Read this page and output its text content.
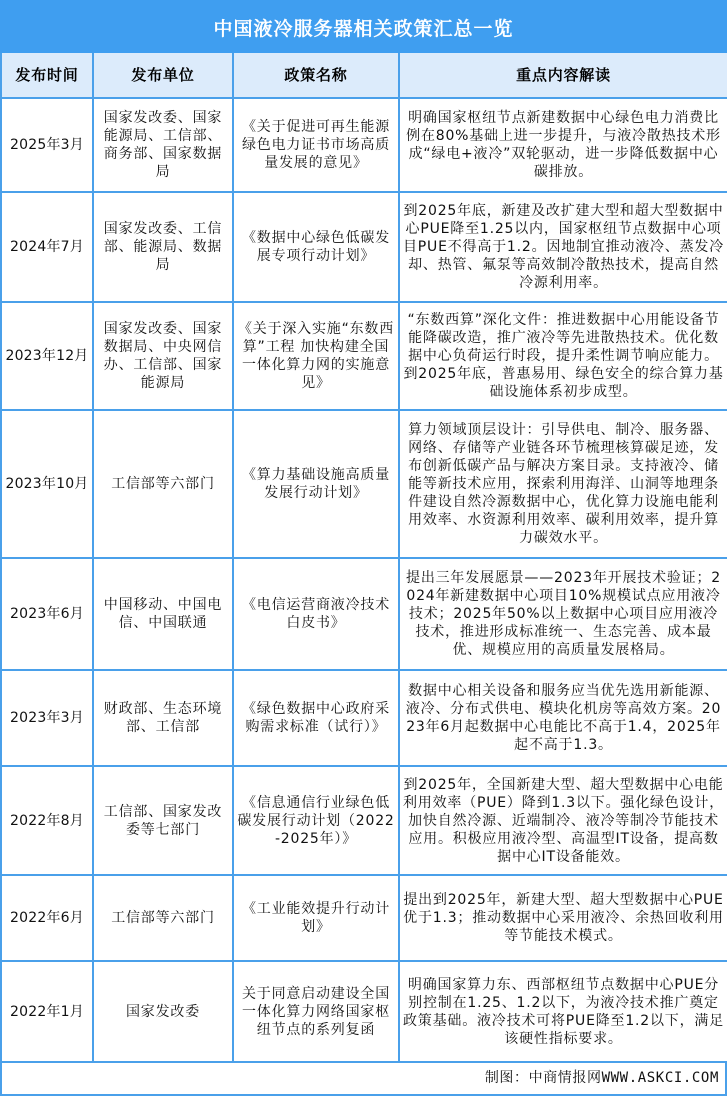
中国液冷服务器相关政策汇总一览
发布时间	发布单位	政策名称	重点内容解读
2025年3月	国家发改委、国家能源局、工信部、商务部、国家数据局	《关于促进可再生能源绿色电力证书市场高质量发展的意见》	明确国家枢纽节点新建数据中心绿色电力消费比例在80%基础上进一步提升，与液冷散热技术形成“绿电+液冷”双轮驱动，进一步降低数据中心碳排放。
2024年7月	国家发改委、工信部、能源局、数据局	《数据中心绿色低碳发展专项行动计划》	到2025年底，新建及改扩建大型和超大型数据中心PUE降至1.25以内，国家枢纽节点数据中心项目PUE不得高于1.2。因地制宜推动液冷、蒸发冷却、热管、氟泵等高效制冷散热技术，提高自然冷源利用率。
2023年12月	国家发改委、国家数据局、中央网信办、工信部、国家能源局	《关于深入实施“东数西算”工程 加快构建全国一体化算力网的实施意见》	“东数西算”深化文件：推进数据中心用能设备节能降碳改造，推广液冷等先进散热技术。优化数据中心负荷运行时段，提升柔性调节响应能力。到2025年底，普惠易用、绿色安全的综合算力基础设施体系初步成型。
2023年10月	工信部等六部门	《算力基础设施高质量发展行动计划》	算力领域顶层设计：引导供电、制冷、服务器、网络、存储等产业链各环节梳理核算碳足迹，发布创新低碳产品与解决方案目录。支持液冷、储能等新技术应用，探索利用海洋、山洞等地理条件建设自然冷源数据中心，优化算力设施电能利用效率、水资源利用效率、碳利用效率，提升算力碳效水平。
2023年6月	中国移动、中国电信、中国联通	《电信运营商液冷技术白皮书》	提出三年发展愿景——2023年开展技术验证；2024年新建数据中心项目10%规模试点应用液冷技术；2025年50%以上数据中心项目应用液冷技术，推进形成标准统一、生态完善、成本最优、规模应用的高质量发展格局。
2023年3月	财政部、生态环境部、工信部	《绿色数据中心政府采购需求标准（试行）》	数据中心相关设备和服务应当优先选用新能源、液冷、分布式供电、模块化机房等高效方案。2023年6月起数据中心电能比不高于1.4，2025年起不高于1.3。
2022年8月	工信部、国家发改委等七部门	《信息通信行业绿色低碳发展行动计划（2022-2025年）》	到2025年，全国新建大型、超大型数据中心电能利用效率（PUE）降到1.3以下。强化绿色设计，加快自然冷源、近端制冷、液冷等制冷节能技术应用。积极应用液冷型、高温型IT设备，提高数据中心IT设备能效。
2022年6月	工信部等六部门	《工业能效提升行动计划》	提出到2025年，新建大型、超大型数据中心PUE优于1.3；推动数据中心采用液冷、余热回收利用等节能技术模式。
2022年1月	国家发改委	关于同意启动建设全国一体化算力网络国家枢纽节点的系列复函	明确国家算力东、西部枢纽节点数据中心PUE分别控制在1.25、1.2以下，为液冷技术推广奠定政策基础。液冷技术可将PUE降至1.2以下，满足该硬性指标要求。
制图：中商情报网WWW.ASKCI.COM
